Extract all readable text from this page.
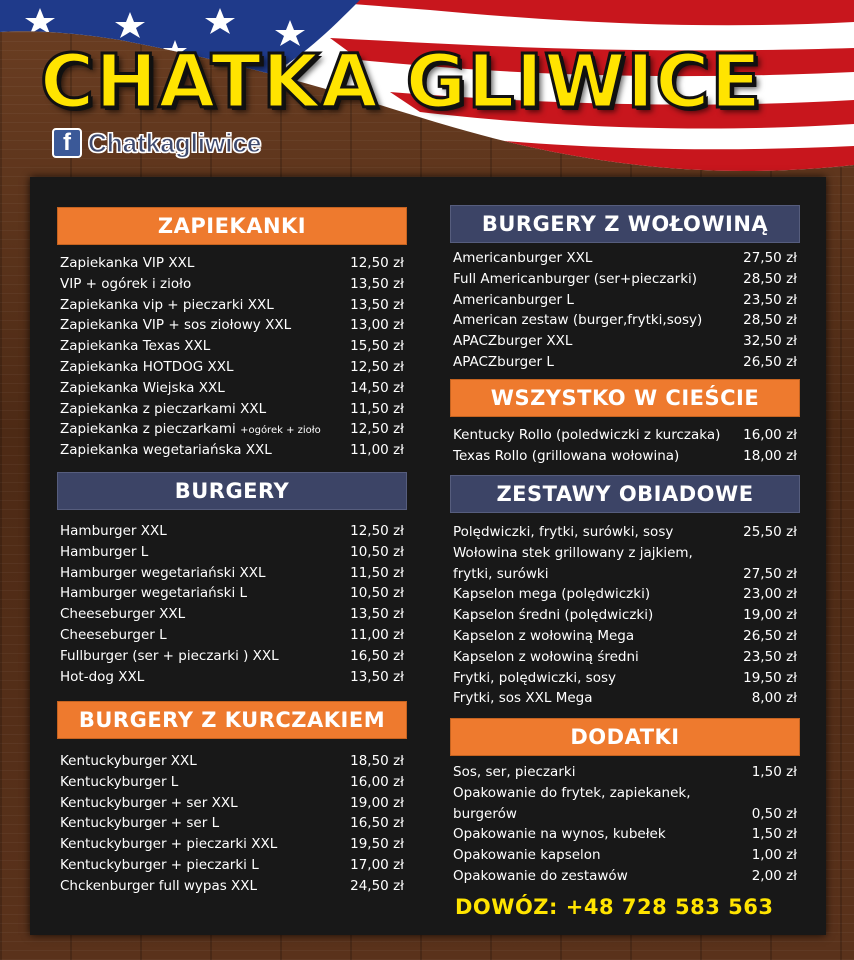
CHATKA GLIWICE
f Chatkagliwice
ZAPIEKANKI
Zapiekanka VIP XXL	12,50 zł
VIP + ogórek i zioło	13,50 zł
Zapiekanka vip + pieczarki XXL	13,50 zł
Zapiekanka VIP + sos ziołowy XXL	13,00 zł
Zapiekanka Texas XXL	15,50 zł
Zapiekanka HOTDOG XXL	12,50 zł
Zapiekanka Wiejska XXL	14,50 zł
Zapiekanka z pieczarkami XXL	11,50 zł
Zapiekanka z pieczarkami +ogórek + zioło 12,50 zł
Zapiekanka wegetariańska XXL	11,00 zł
BURGERY
Hamburger XXL	12,50 zł
Hamburger L	10,50 zł
Hamburger wegetariański XXL	11,50 zł
Hamburger wegetariański L	10,50 zł
Cheeseburger XXL	13,50 zł
Cheeseburger L	11,00 zł
Fullburger (ser + pieczarki ) XXL	16,50 zł
Hot-dog XXL	13,50 zł
BURGERY Z KURCZAKIEM
Kentuckyburger XXL	18,50 zł
Kentuckyburger L	16,00 zł
Kentuckyburger + ser XXL	19,00 zł
Kentuckyburger + ser L	16,50 zł
Kentuckyburger + pieczarki XXL	19,50 zł
Kentuckyburger + pieczarki L	17,00 zł
Chckenburger full wypas XXL	24,50 zł
BURGERY Z WOŁOWINĄ
Americanburger XXL	27,50 zł
Full Americanburger (ser+pieczarki)	28,50 zł
Americanburger L	23,50 zł
American zestaw (burger,frytki,sosy)	28,50 zł
APACZburger XXL	32,50 zł
APACZburger L	26,50 zł
WSZYSTKO W CIEŚCIE
Kentucky Rollo (poledwiczki z kurczaka) 16,00 zł
Texas Rollo (grillowana wołowina)	18,00 zł
ZESTAWY OBIADOWE
Polędwiczki, frytki, surówki, sosy	25,50 zł
Wołowina stek grillowany z jajkiem, frytki, surówki	27,50 zł
Kapselon mega (polędwiczki)	23,00 zł
Kapselon średni (polędwiczki)	19,00 zł
Kapselon z wołowiną Mega	26,50 zł
Kapselon z wołowiną średni	23,50 zł
Frytki, polędwiczki, sosy	19,50 zł
Frytki, sos XXL Mega	8,00 zł
DODATKI
Sos, ser, pieczarki	1,50 zł
Opakowanie do frytek, zapiekanek, burgerów	0,50 zł
Opakowanie na wynos, kubełek	1,50 zł
Opakowanie kapselon	1,00 zł
Opakowanie do zestawów	2,00 zł
DOWÓZ: +48 728 583 563
